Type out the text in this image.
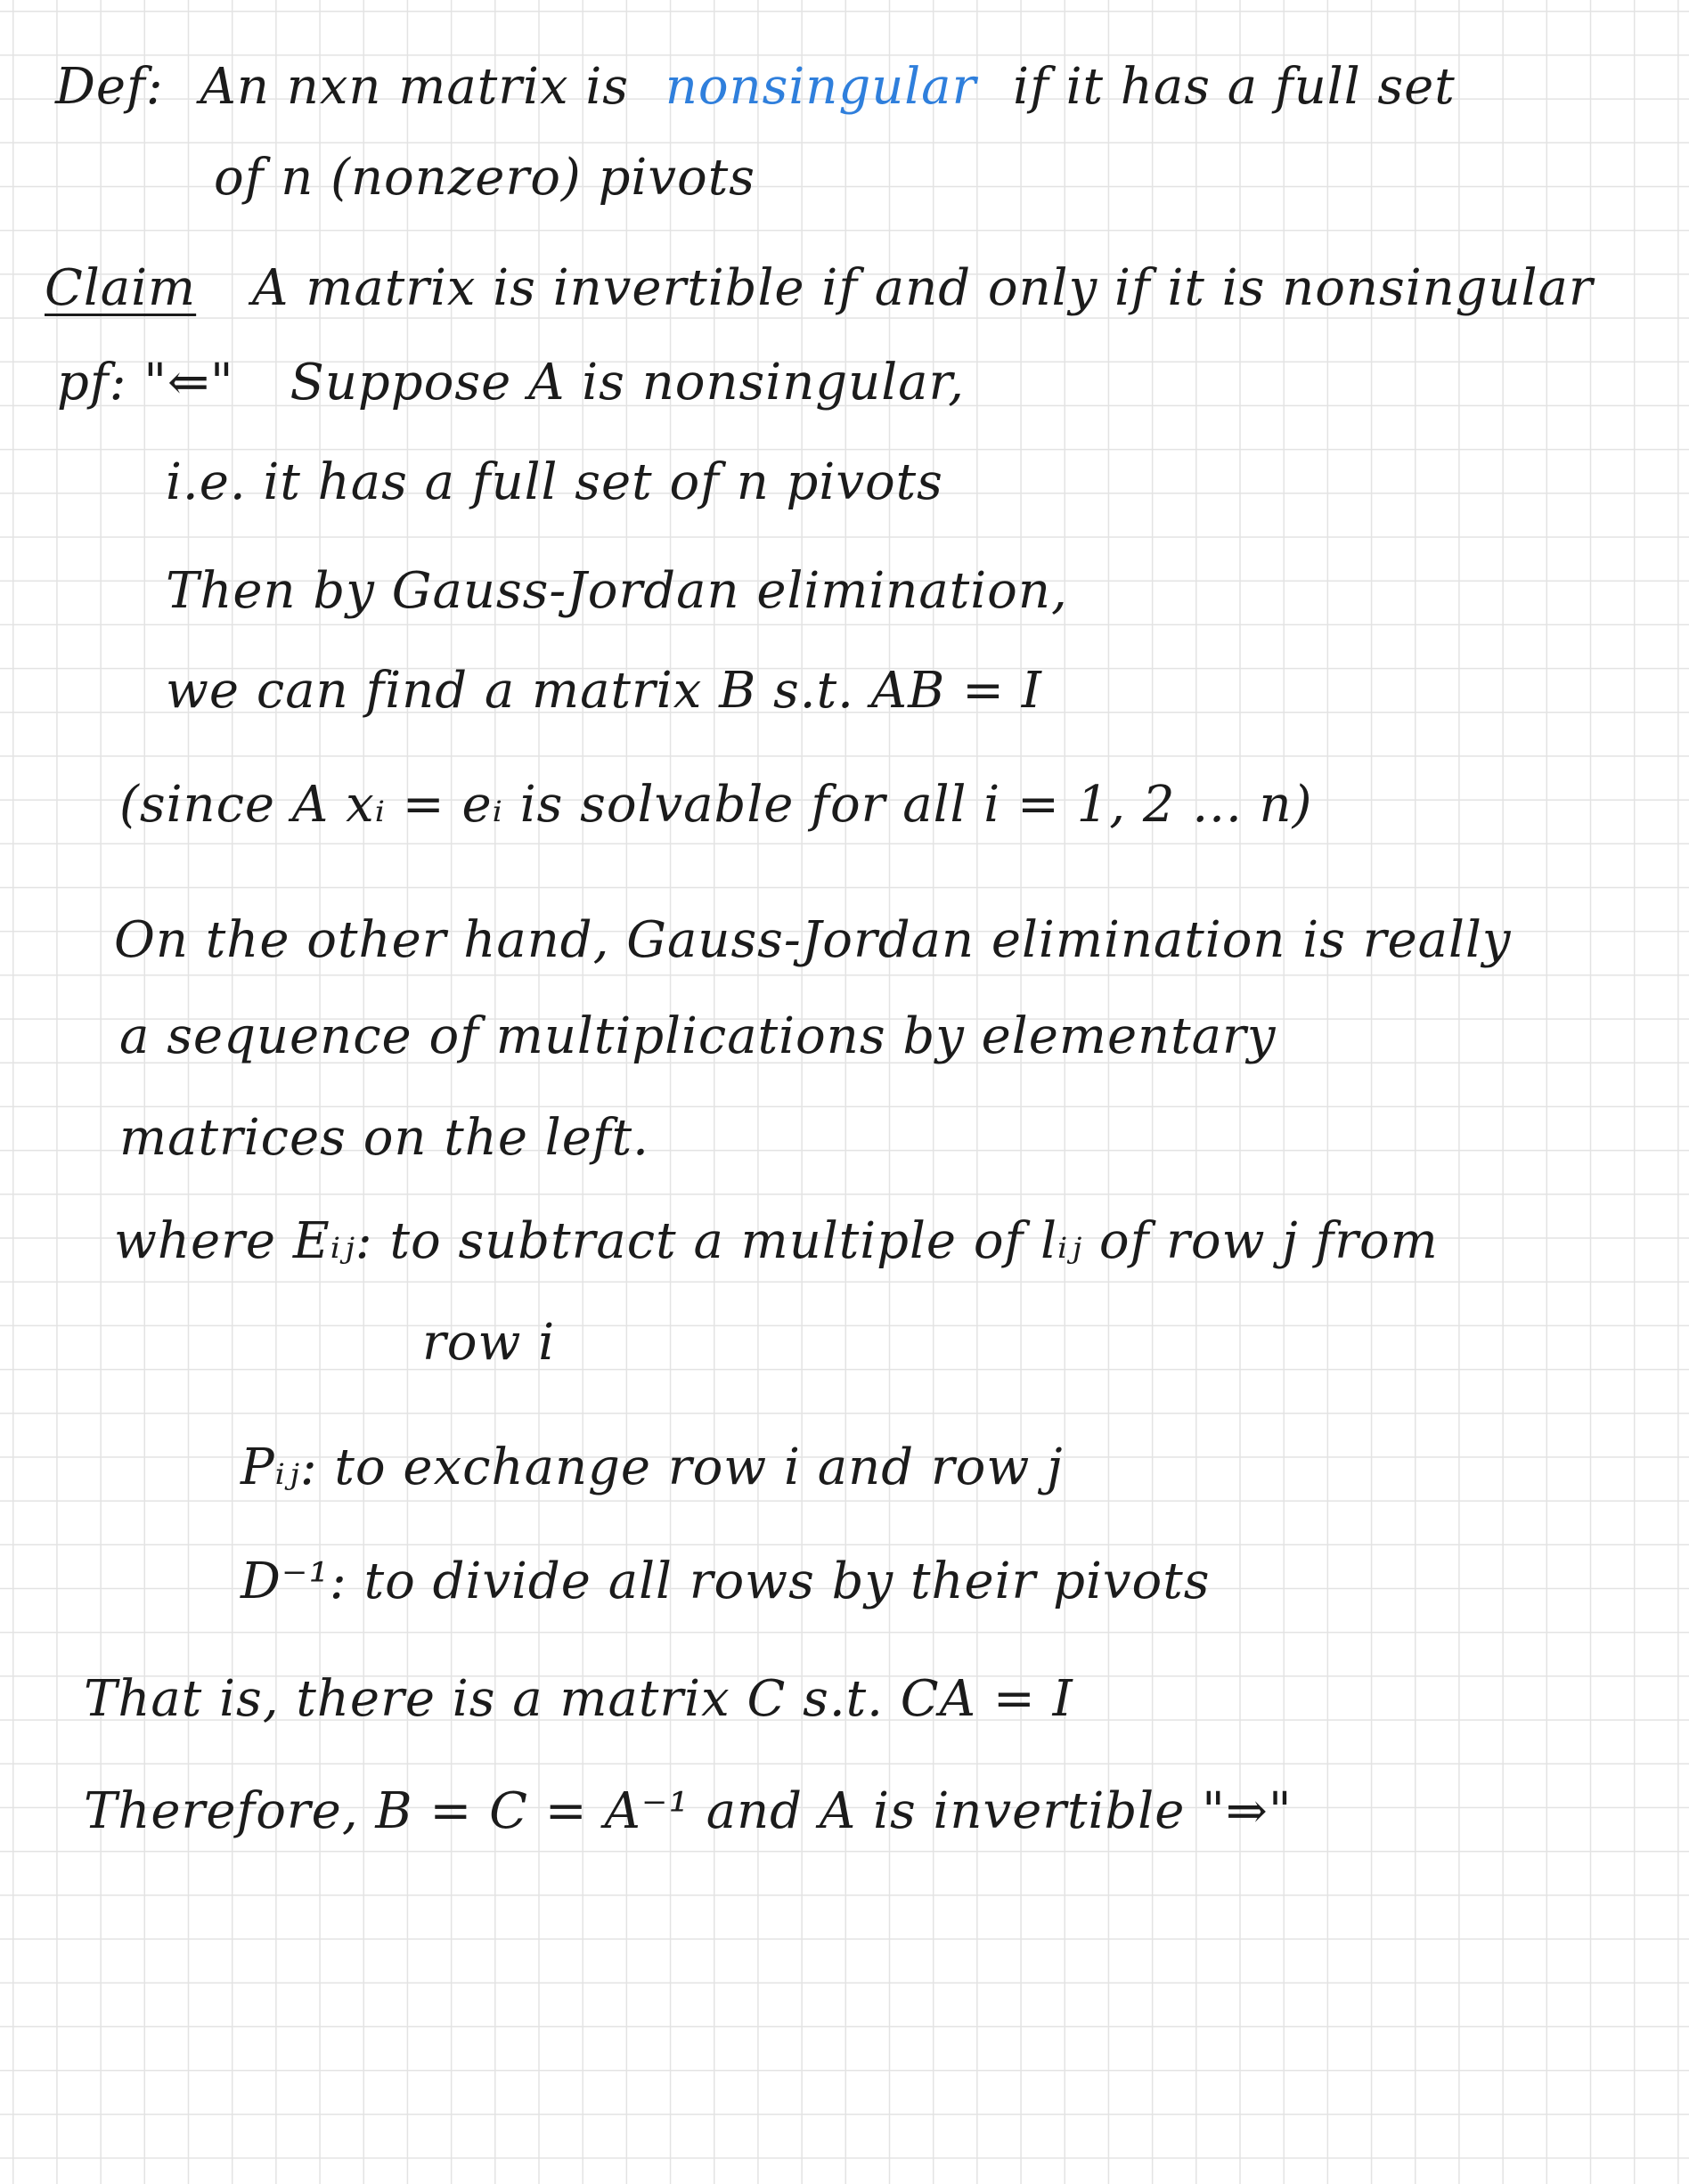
Def: An nxn matrix is nonsingular if it has a full set
of n (nonzero) pivots
Claim A matrix is invertible if and only if it is nonsingular
pf: "⇐" Suppose A is nonsingular,
i.e. it has a full set of n pivots
Then by Gauss-Jordan elimination,
we can find a matrix B s.t. AB = I
(since A xᵢ = eᵢ is solvable for all i = 1, 2 ... n)
On the other hand, Gauss-Jordan elimination is really
a sequence of multiplications by elementary
matrices on the left.
where Eᵢⱼ: to subtract a multiple of lᵢⱼ of row j from
row i
Pᵢⱼ: to exchange row i and row j
D⁻¹: to divide all rows by their pivots
That is, there is a matrix C s.t. CA = I
Therefore, B = C = A⁻¹ and A is invertible "⇒"
